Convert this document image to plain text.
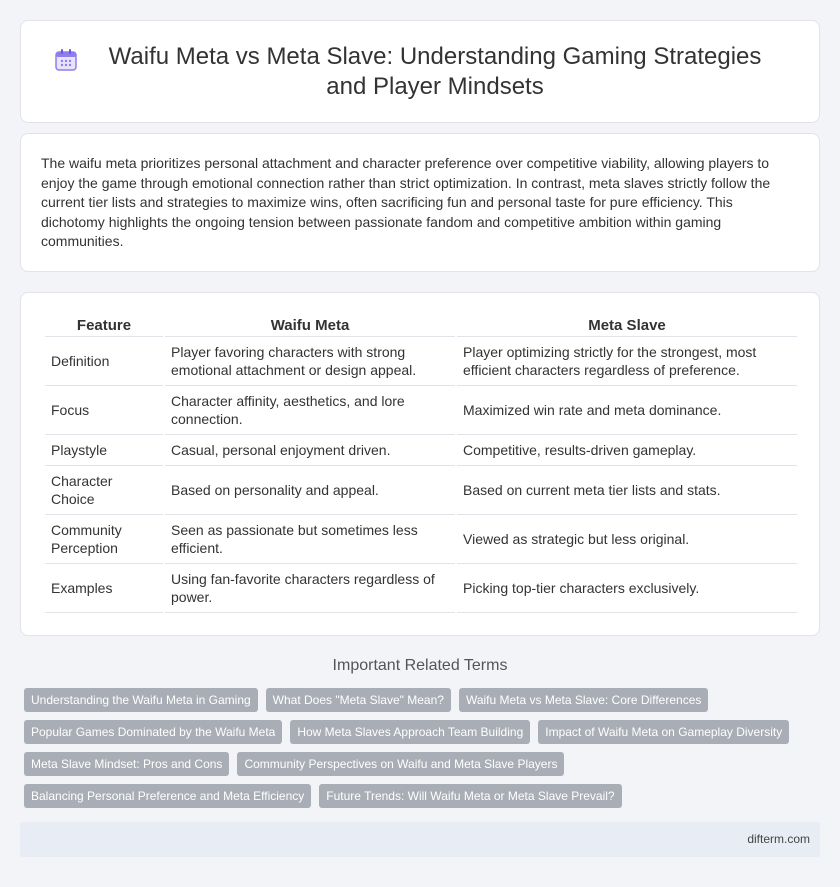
Waifu Meta vs Meta Slave: Understanding Gaming Strategies and Player Mindsets

The waifu meta prioritizes personal attachment and character preference over competitive viability, allowing players to enjoy the game through emotional connection rather than strict optimization. In contrast, meta slaves strictly follow the current tier lists and strategies to maximize wins, often sacrificing fun and personal taste for pure efficiency. This dichotomy highlights the ongoing tension between passionate fandom and competitive ambition within gaming communities.

Feature	Waifu Meta	Meta Slave
Definition	Player favoring characters with strong emotional attachment or design appeal.	Player optimizing strictly for the strongest, most efficient characters regardless of preference.
Focus	Character affinity, aesthetics, and lore connection.	Maximized win rate and meta dominance.
Playstyle	Casual, personal enjoyment driven.	Competitive, results-driven gameplay.
Character Choice	Based on personality and appeal.	Based on current meta tier lists and stats.
Community Perception	Seen as passionate but sometimes less efficient.	Viewed as strategic but less original.
Examples	Using fan-favorite characters regardless of power.	Picking top-tier characters exclusively.
Important Related Terms
Understanding the Waifu Meta in Gaming	What Does "Meta Slave" Mean?	Waifu Meta vs Meta Slave: Core Differences
Popular Games Dominated by the Waifu Meta	How Meta Slaves Approach Team Building	Impact of Waifu Meta on Gameplay Diversity
Meta Slave Mindset: Pros and Cons	Community Perspectives on Waifu and Meta Slave Players
Balancing Personal Preference and Meta Efficiency	Future Trends: Will Waifu Meta or Meta Slave Prevail?
difterm.com
